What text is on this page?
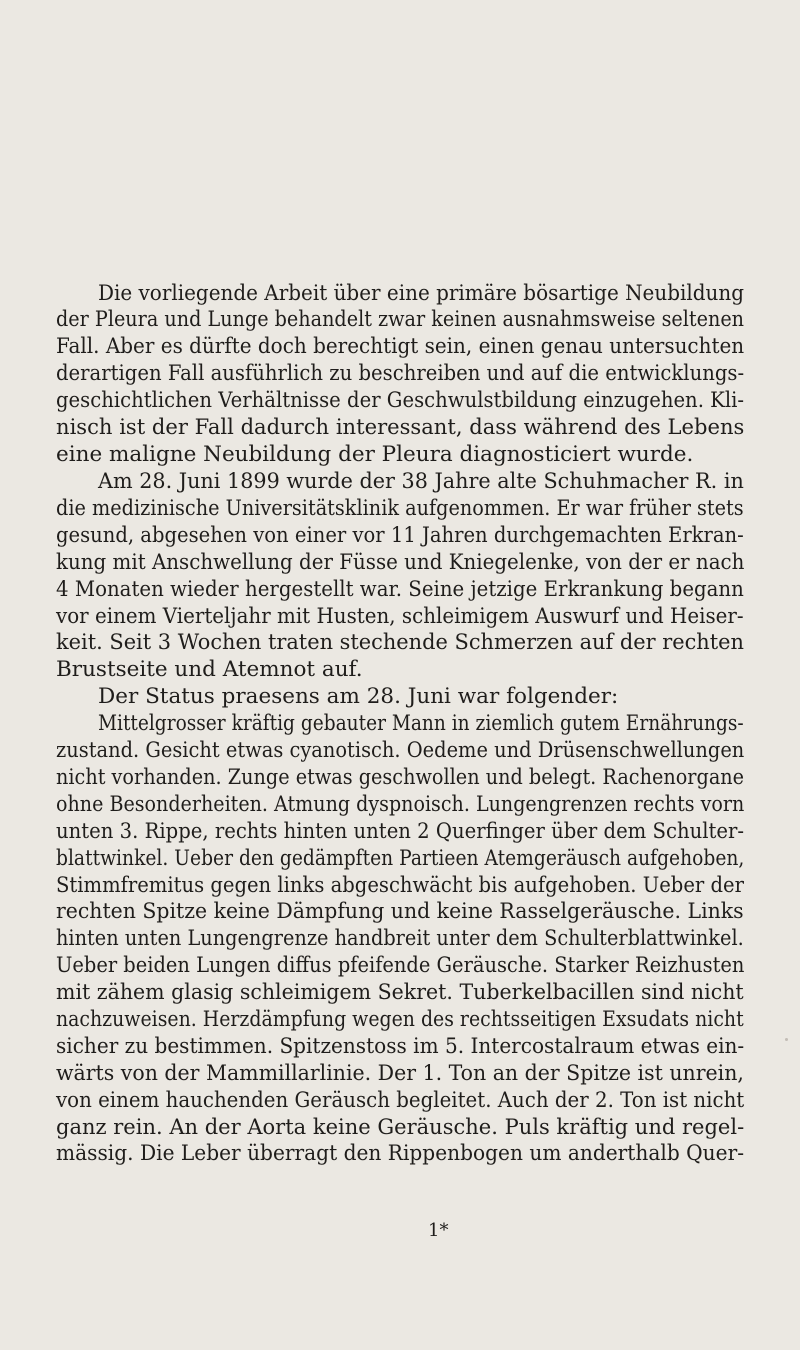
Die vorliegende Arbeit über eine primäre bösartige Neubildung
der Pleura und Lunge behandelt zwar keinen ausnahmsweise seltenen
Fall. Aber es dürfte doch berechtigt sein, einen genau untersuchten
derartigen Fall ausführlich zu beschreiben und auf die entwicklungs-
geschichtlichen Verhältnisse der Geschwulstbildung einzugehen. Kli-
nisch ist der Fall dadurch interessant, dass während des Lebens
eine maligne Neubildung der Pleura diagnosticiert wurde.
Am 28. Juni 1899 wurde der 38 Jahre alte Schuhmacher R. in
die medizinische Universitätsklinik aufgenommen. Er war früher stets
gesund, abgesehen von einer vor 11 Jahren durchgemachten Erkran-
kung mit Anschwellung der Füsse und Kniegelenke, von der er nach
4 Monaten wieder hergestellt war. Seine jetzige Erkrankung begann
vor einem Vierteljahr mit Husten, schleimigem Auswurf und Heiser-
keit. Seit 3 Wochen traten stechende Schmerzen auf der rechten
Brustseite und Atemnot auf.
Der Status praesens am 28. Juni war folgender:
Mittelgrosser kräftig gebauter Mann in ziemlich gutem Ernährungs-
zustand. Gesicht etwas cyanotisch. Oedeme und Drüsenschwellungen
nicht vorhanden. Zunge etwas geschwollen und belegt. Rachenorgane
ohne Besonderheiten. Atmung dyspnoisch. Lungengrenzen rechts vorn
unten 3. Rippe, rechts hinten unten 2 Querfinger über dem Schulter-
blattwinkel. Ueber den gedämpften Partieen Atemgeräusch aufgehoben,
Stimmfremitus gegen links abgeschwächt bis aufgehoben. Ueber der
rechten Spitze keine Dämpfung und keine Rasselgeräusche. Links
hinten unten Lungengrenze handbreit unter dem Schulterblattwinkel.
Ueber beiden Lungen diffus pfeifende Geräusche. Starker Reizhusten
mit zähem glasig schleimigem Sekret. Tuberkelbacillen sind nicht
nachzuweisen. Herzdämpfung wegen des rechtsseitigen Exsudats nicht
sicher zu bestimmen. Spitzenstoss im 5. Intercostalraum etwas ein-
wärts von der Mammillarlinie. Der 1. Ton an der Spitze ist unrein,
von einem hauchenden Geräusch begleitet. Auch der 2. Ton ist nicht
ganz rein. An der Aorta keine Geräusche. Puls kräftig und regel-
mässig. Die Leber überragt den Rippenbogen um anderthalb Quer-
1*
